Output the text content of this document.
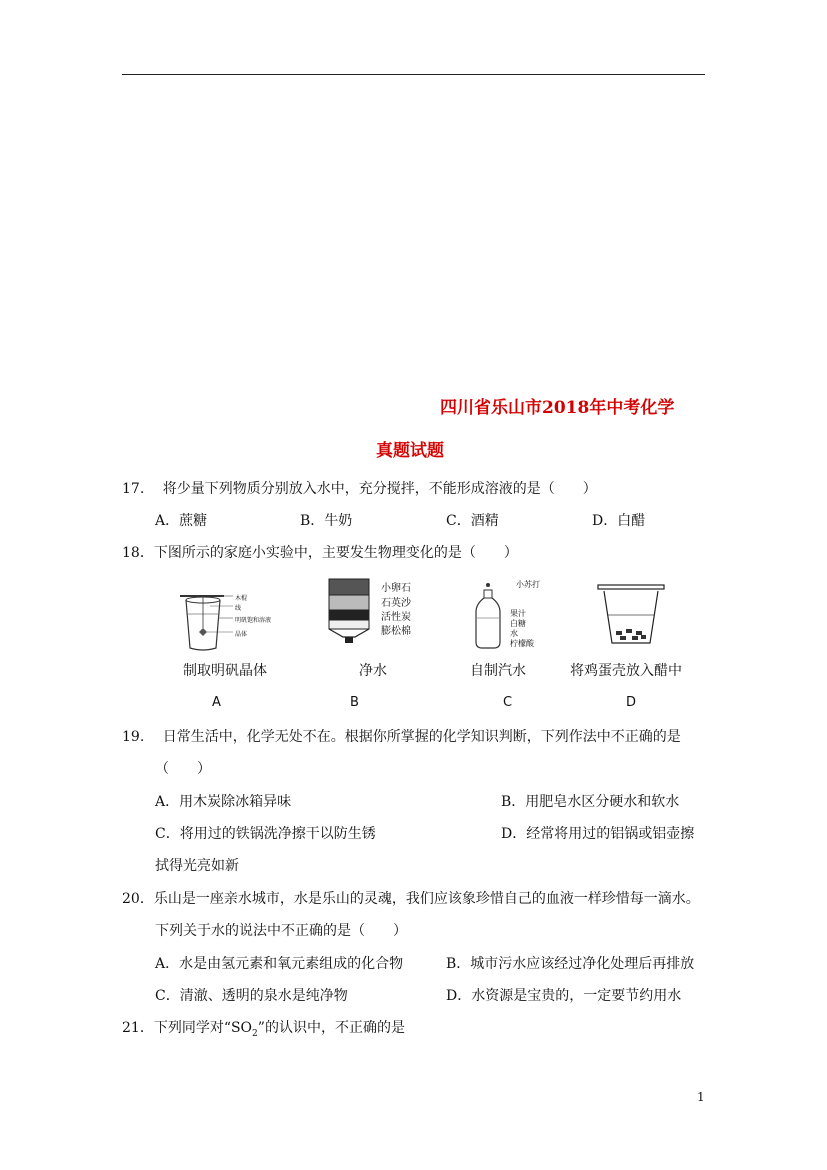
四川省乐山市2018年中考化学
真题试题
17.　 将少量下列物质分别放入水中，充分搅拌，不能形成溶液的是（　　）
A．蔗糖	B．牛奶	C．酒精	D．白醋
18．下图所示的家庭小实验中，主要发生物理变化的是（　　）
木棍
线
明矾饱和溶液
晶体
小卵石
石英沙
活性炭
膨松棉
小苏打
果汁
白糖
水
柠檬酸
制取明矾晶体	净水	自制汽水	将鸡蛋壳放入醋中
A	B	C	D
19.　 日常生活中，化学无处不在。根据你所掌握的化学知识判断，下列作法中不正确的是
（　　）
A．用木炭除冰箱异味	B．用肥皂水区分硬水和软水
C．将用过的铁锅洗净擦干以防生锈	D．经常将用过的铝锅或铝壶擦
拭得光亮如新
20．乐山是一座亲水城市，水是乐山的灵魂，我们应该象珍惜自己的血液一样珍惜每一滴水。
下列关于水的说法中不正确的是（　　）
A．水是由氢元素和氧元素组成的化合物	B．城市污水应该经过净化处理后再排放
C．清澈、透明的泉水是纯净物	D．水资源是宝贵的，一定要节约用水
21．下列同学对“$SO_2$”的认识中，不正确的是
1
